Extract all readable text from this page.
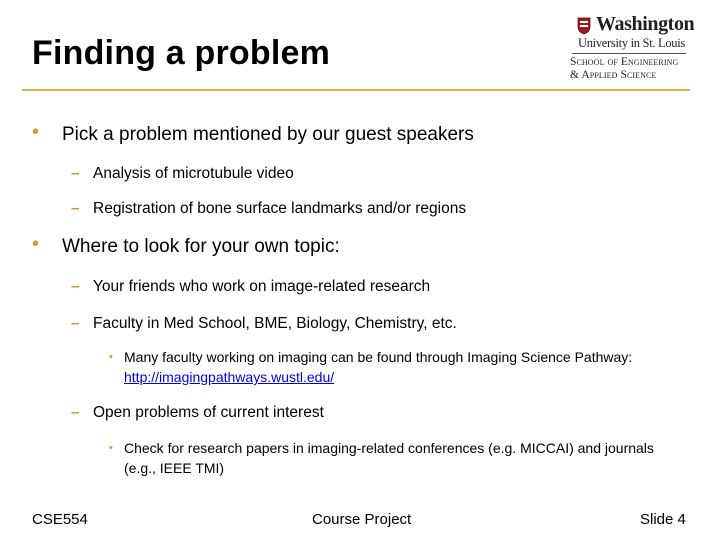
Finding a problem
Washington
University in St. Louis
School of Engineering
& Applied Science
• Pick a problem mentioned by our guest speakers
– Analysis of microtubule video
– Registration of bone surface landmarks and/or regions
• Where to look for your own topic:
– Your friends who work on image-related research
– Faculty in Med School, BME, Biology, Chemistry, etc.
• Many faculty working on imaging can be found through Imaging Science Pathway: http://imagingpathways.wustl.edu/
– Open problems of current interest
• Check for research papers in imaging-related conferences (e.g. MICCAI) and journals (e.g., IEEE TMI)
CSE554	Course Project	Slide 4
